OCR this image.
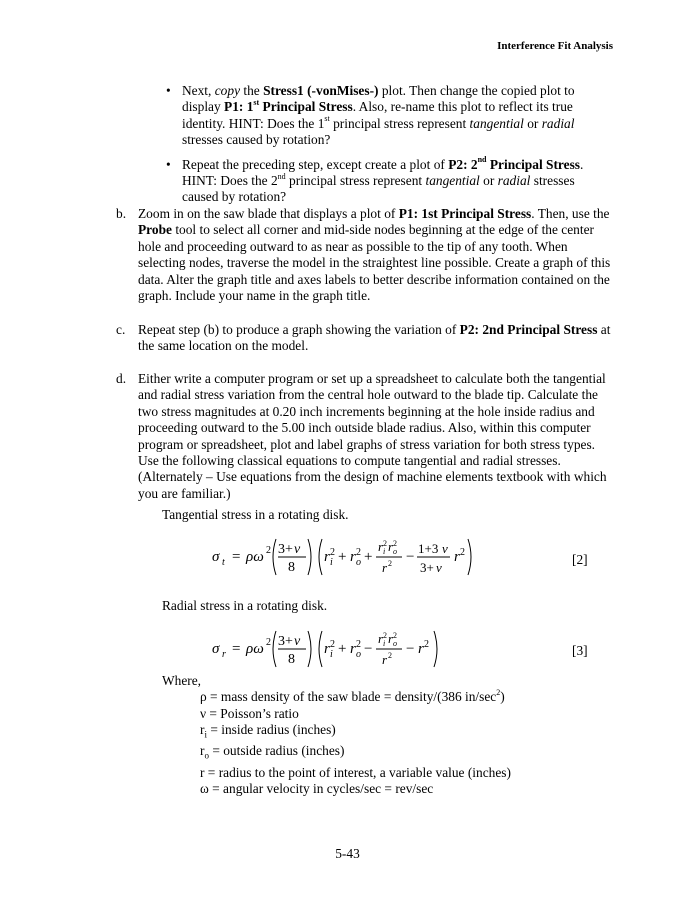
Interference Fit Analysis
• Next, copy the Stress1 (-vonMises-) plot. Then change the copied plot to display P1: 1st Principal Stress. Also, re-name this plot to reflect its true identity. HINT: Does the 1st principal stress represent tangential or radial stresses caused by rotation?
• Repeat the preceding step, except create a plot of P2: 2nd Principal Stress. HINT: Does the 2nd principal stress represent tangential or radial stresses caused by rotation?
b. Zoom in on the saw blade that displays a plot of P1: 1st Principal Stress. Then, use the Probe tool to select all corner and mid-side nodes beginning at the edge of the center hole and proceeding outward to as near as possible to the tip of any tooth. When selecting nodes, traverse the model in the straightest line possible. Create a graph of this data. Alter the graph title and axes labels to better describe information contained on the graph. Include your name in the graph title.
c. Repeat step (b) to produce a graph showing the variation of P2: 2nd Principal Stress at the same location on the model.
d. Either write a computer program or set up a spreadsheet to calculate both the tangential and radial stress variation from the central hole outward to the blade tip. Calculate the two stress magnitudes at 0.20 inch increments beginning at the hole inside radius and proceeding outward to the 5.00 inch outside blade radius. Also, within this computer program or spreadsheet, plot and label graphs of stress variation for both stress types. Use the following classical equations to compute tangential and radial stresses. (Alternately – Use equations from the design of machine elements textbook with which you are familiar.)
Tangential stress in a rotating disk.
σ t = ρω 2 3+ ν
8
r i
2 + r o
2 +
r 2
i r 2
o
r 2 −
1+3 ν
3+ ν
r 2	[2]
Radial stress in a rotating disk.
σ r = ρω 2 3+ ν
8
r i
2 + r o
2 −
r 2
i r 2
o
r 2 − r 2	[3]
Where,
ρ = mass density of the saw blade = density/(386 $in/\sec^2$)
ν = Poisson’s ratio
$r_i$ = inside radius (inches)
$r_o$ = outside radius (inches)
r = radius to the point of interest, a variable value (inches)
ω = angular velocity in cycles/sec = rev/sec
5-43
